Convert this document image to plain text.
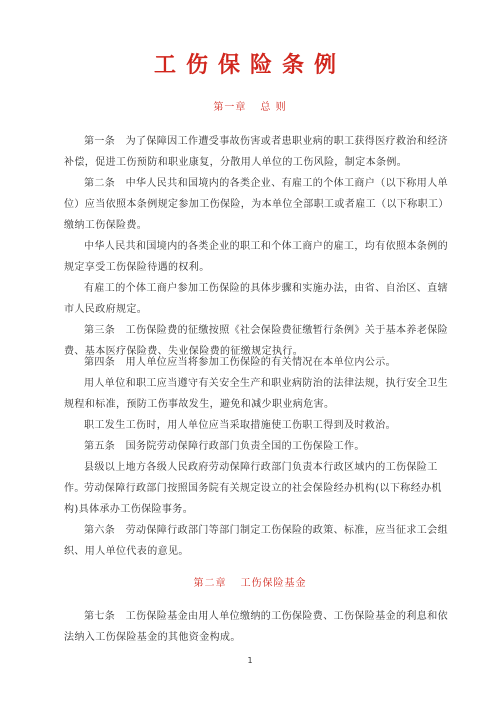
工伤保险条例
第一章 总 则
第一条　为了保障因工作遭受事故伤害或者患职业病的职工获得医疗救治和经济补偿，促进工伤预防和职业康复，分散用人单位的工伤风险，制定本条例。
第二条　中华人民共和国境内的各类企业、有雇工的个体工商户（以下称用人单位）应当依照本条例规定参加工伤保险，为本单位全部职工或者雇工（以下称职工）缴纳工伤保险费。
中华人民共和国境内的各类企业的职工和个体工商户的雇工，均有依照本条例的规定享受工伤保险待遇的权利。
有雇工的个体工商户参加工伤保险的具体步骤和实施办法，由省、自治区、直辖市人民政府规定。
第三条　工伤保险费的征缴按照《社会保险费征缴暂行条例》关于基本养老保险费、基本医疗保险费、失业保险费的征缴规定执行。
第四条　用人单位应当将参加工伤保险的有关情况在本单位内公示。
用人单位和职工应当遵守有关安全生产和职业病防治的法律法规，执行安全卫生规程和标准，预防工伤事故发生，避免和减少职业病危害。
职工发生工伤时，用人单位应当采取措施使工伤职工得到及时救治。
第五条　国务院劳动保障行政部门负责全国的工伤保险工作。
县级以上地方各级人民政府劳动保障行政部门负责本行政区域内的工伤保险工作。 劳动保障行政部门按照国务院有关规定设立的社会保险经办机构(以下称经办机构)具体承办工伤保险事务。
第六条　劳动保障行政部门等部门制定工伤保险的政策、标准，应当征求工会组织、用人单位代表的意见。
第二章 工伤保险基金
第七条　工伤保险基金由用人单位缴纳的工伤保险费、工伤保险基金的利息和依法纳入工伤保险基金的其他资金构成。
1
